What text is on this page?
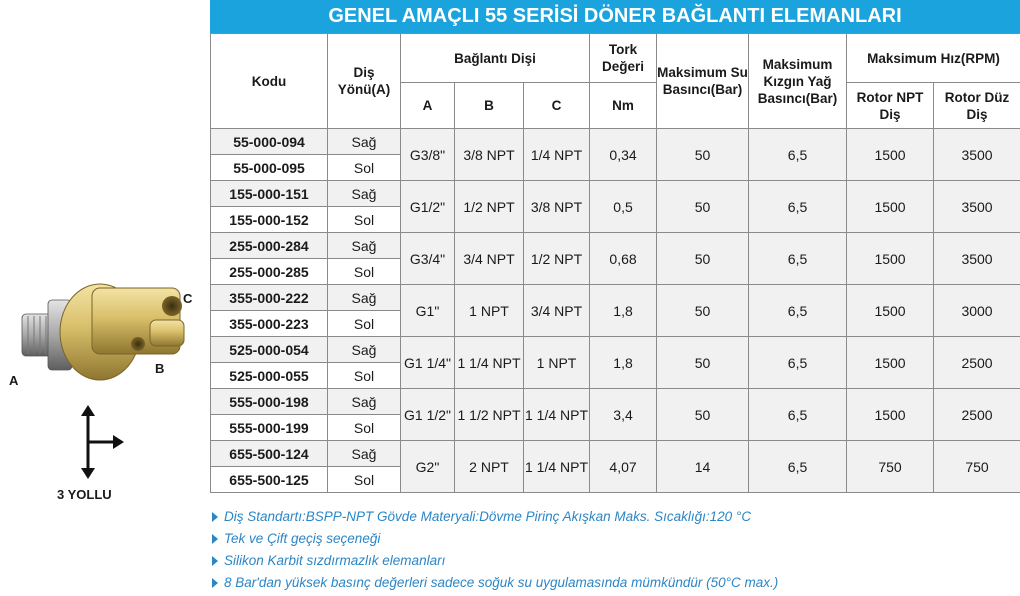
GENEL AMAÇLI 55 SERİSİ DÖNER BAĞLANTI ELEMANLARI
Kodu	Diş Yönü(A)	Bağlantı Dişi			Tork Değeri	Maksimum Su Basıncı(Bar)	Maksimum Kızgın Yağ Basıncı(Bar)	Maksimum Hız(RPM)	
		A	B	C	Nm			Rotor NPT Diş	Rotor Düz Diş
55-000-094	Sağ	G3/8"	3/8 NPT	1/4 NPT	0,34	50	6,5	1500	3500
55-000-095	Sol								
155-000-151	Sağ	G1/2"	1/2 NPT	3/8 NPT	0,5	50	6,5	1500	3500
155-000-152	Sol								
255-000-284	Sağ	G3/4"	3/4 NPT	1/2 NPT	0,68	50	6,5	1500	3500
255-000-285	Sol								
355-000-222	Sağ	G1"	1 NPT	3/4 NPT	1,8	50	6,5	1500	3000
355-000-223	Sol								
525-000-054	Sağ	G1 1/4"	1 1/4 NPT	1 NPT	1,8	50	6,5	1500	2500
525-000-055	Sol								
555-000-198	Sağ	G1 1/2"	1 1/2 NPT	1 1/4 NPT	3,4	50	6,5	1500	2500
555-000-199	Sol								
655-500-124	Sağ	G2"	2 NPT	1 1/4 NPT	4,07	14	6,5	750	750
655-500-125	Sol								
C
B
A
3 YOLLU
Diş Standartı:BSPP-NPT Gövde Materyali:Dövme Pirinç Akışkan Maks. Sıcaklığı:120 °C
Tek ve Çift geçiş seçeneği
Silikon Karbit sızdırmazlık elemanları
8 Bar'dan yüksek basınç değerleri sadece soğuk su uygulamasında mümkündür (50°C max.)
